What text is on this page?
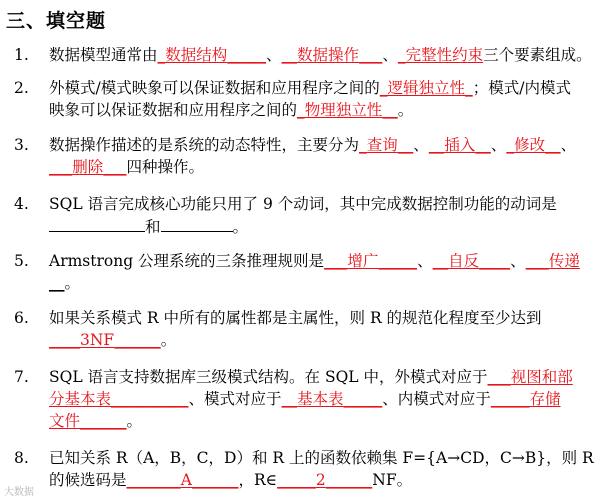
三、填空题
1.	数据模型通常由_数据结构_____、__数据操作___、_完整性约束三个要素组成。
2.	外模式/模式映象可以保证数据和应用程序之间的_逻辑独立性_；模式/内模式
映象可以保证数据和应用程序之间的_物理独立性__。
3.	数据操作描述的是系统的动态特性，主要分为_查询__、__插入__、_修改__、
___删除___四种操作。
4.	SQL 语言完成核心功能只用了 9 个动词，其中完成数据控制功能的动词是
和	。
5.	Armstrong 公理系统的三条推理规则是___增广_____、__自反____、___传递
__。
6.	如果关系模式 R 中所有的属性都是主属性，则 R 的规范化程度至少达到
____3NF______。
7.	SQL 语言支持数据库三级模式结构。在 SQL 中，外模式对应于___视图和部
分基本表__________、模式对应于__基本表_____、内模式对应于_____存储
文件______。
8.	已知关系 R（A，B，C，D）和 R 上的函数依赖集 F={A→CD，C→B}，则 R
的候选码是_______A______，R∈_____2______NF。
大数据
